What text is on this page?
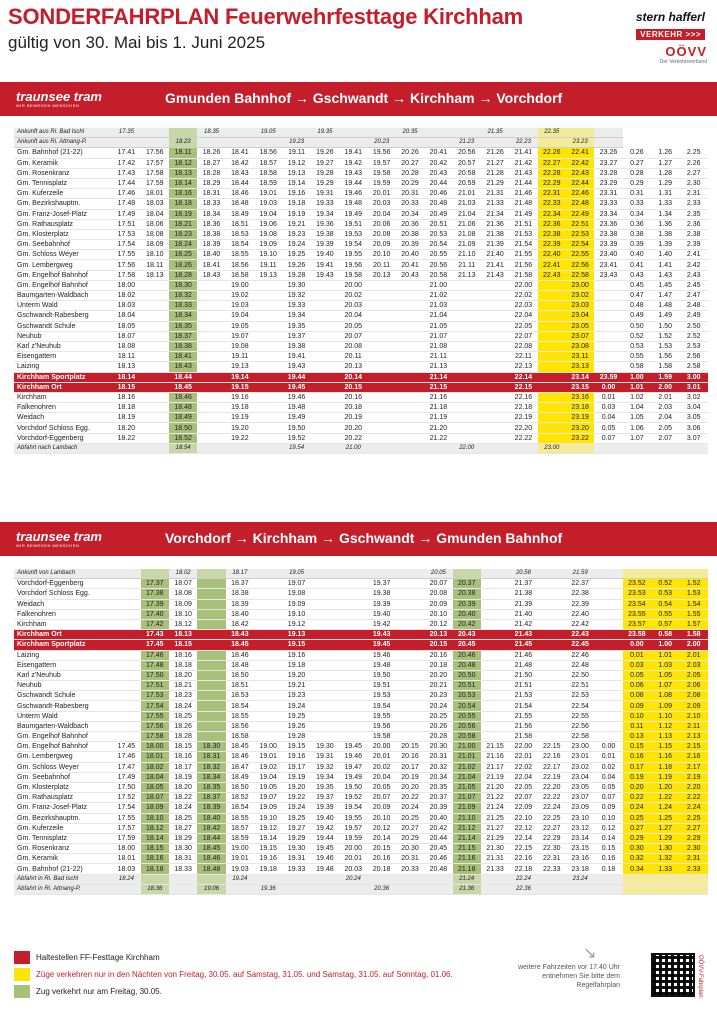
SONDERFAHRPLAN Feuerwehrfesttage Kirchham
gültig von 30. Mai bis 1. Juni 2025
stern hafferl
VERKEHR >>>
OÖVV
Der Verkehrsverbund
traunsee tram
WIR BEWEGEN MENSCHEN	Gmunden Bahnhof → Gschwandt → Kirchham → Vorchdorf
Ankunft aus Ri. Bad Ischl	17.35			18.35		19.05		19.35			20.35			21.35		22.35					
Ankunft aus Ri. Attnang-P.			18.23				19.23			20.23			21.23		22.23		23.23				
Gm. Bahnhof (21-22)	17.41	17.56	18.11	18.26	18.41	18.56	19.11	19.26	19.41	19.56	20.26	20.41	20.56	21.26	21.41	22.26	22.41	23.26	0.26	1.26	2.25
Gm. Keramik	17.42	17.57	18.12	18.27	18.42	18.57	19.12	19.27	19.42	19.57	20.27	20.42	20.57	21.27	21.42	22.27	22.42	23.27	0.27	1.27	2.26
Gm. Rosenkranz	17.43	17.58	18.13	18.28	18.43	18.58	19.13	19.28	19.43	19.58	20.28	20.43	20.58	21.28	21.43	22.28	22.43	23.28	0.28	1.28	2.27
Gm. Tennisplatz	17.44	17.59	18.14	18.29	18.44	18.59	19.14	19.29	19.44	19.59	20.29	20.44	20.59	21.29	21.44	22.29	22.44	23.29	0.29	1.29	2.30
Gm. Kuferzeile	17.46	18.01	18.16	18.31	18.46	19.01	19.16	19.31	19.46	20.01	20.31	20.46	21.01	21.31	21.46	22.31	22.46	23.31	0.31	1.31	2.31
Gm. Bezirkshauptm.	17.48	18.03	18.18	18.33	18.48	19.03	19.18	19.33	19.48	20.03	20.33	20.48	21.03	21.33	21.48	22.33	22.48	23.33	0.33	1.33	2.33
Gm. Franz-Josef-Platz	17.49	18.04	18.19	18.34	18.49	19.04	19.19	19.34	19.49	20.04	20.34	20.49	21.04	21.34	21.49	22.34	22.49	23.34	0.34	1.34	2.35
Gm. Rathausplatz	17.51	18.06	18.21	18.36	18.51	19.06	19.21	19.36	19.51	20.06	20.36	20.51	21.06	21.36	21.51	22.36	22.51	23.36	0.36	1.36	2.36
Gm. Klosterplatz	17.53	18.08	18.23	18.38	18.53	19.08	19.23	19.38	19.53	20.08	20.38	20.53	21.08	21.38	21.53	22.38	22.53	23.38	0.38	1.38	2.38
Gm. Seebahnhof	17.54	18.09	18.24	18.39	18.54	19.09	19.24	19.39	19.54	20.09	20.39	20.54	21.09	21.39	21.54	22.39	22.54	23.39	0.39	1.39	2.39
Gm. Schloss Weyer	17.55	18.10	18.25	18.40	18.55	19.10	19.25	19.40	19.55	20.10	20.40	20.55	21.10	21.40	21.55	22.40	22.55	23.40	0.40	1.40	2.41
Gm. Lembergweg	17.56	18.11	18.26	18.41	18.56	19.11	19.26	19.41	19.56	20.11	20.41	20.56	21.11	21.41	21.56	22.41	22.56	23.41	0.41	1.41	2.42
Gm. Engelhof Bahnhof	17.58	18.13	18.28	18.43	18.58	19.13	19.28	19.43	19.58	20.13	20.43	20.58	21.13	21.43	21.58	22.43	22.58	23.43	0.43	1.43	2.43
Gm. Engelhof Bahnhof	18.00		18.30		19.00		19.30		20.00			21.00			22.00		23.00		0.45	1.45	2.45
Baumgarten-Waldbach	18.02		18.32		19.02		19.32		20.02			21.02			22.02		23.02		0.47	1.47	2.47
Unterm Wald	18.03		18.33		19.03		19.33		20.03			21.03			22.03		23.03		0.48	1.48	2.48
Gschwandt-Rabesberg	18.04		18.34		19.04		19.34		20.04			21.04			22.04		23.04		0.49	1.49	2.49
Gschwandt Schule	18.05		18.35		19.05		19.35		20.05			21.05			22.05		23.05		0.50	1.50	2.50
Neuhub	18.07		18.37		19.07		19.37		20.07			21.07			22.07		23.07		0.52	1.52	2.52
Karl z'Neuhub	18.08		18.38		19.08		19.38		20.08			21.08			22.08		23.08		0.53	1.53	2.53
Eisengattern	18.11		18.41		19.11		19.41		20.11			21.11			22.11		23.11		0.55	1.56	2.56
Laizing	18.13		18.43		19.13		19.43		20.13			21.13			22.13		23.13		0.58	1.58	2.58
Kirchham Sportplatz	18.14		18.44		19.14		19.44		20.14			21.14			22.14		23.14	23.59	1.00	1.59	3.00
Kirchham Ort	18.15		18.45		19.15		19.45		20.15			21.15			22.15		23.15	0.00	1.01	2.00	3.01
Kirchham	18.16		18.46		19.16		19.46		20.16			21.16			22.16		23.16	0.01	1.02	2.01	3.02
Falkenohren	18.18		18.48		19.18		19.48		20.18			21.18			22.18		23.18	0.03	1.04	2.03	3.04
Weidach	18.19		18.49		19.19		19.49		20.19			21.19			22.19		23.19	0.04	1.05	2.04	3.05
Vorchdorf Schloss Egg.	18.20		18.50		19.20		19.50		20.20			21.20			22.20		23.20	0.05	1.06	2.05	3.06
Vorchdorf-Eggenberg	18.22		18.52		19.22		19.52		20.22			21.22			22.22		23.22	0.07	1.07	2.07	3.07
Abfahrt nach Lambach			18.54				19.54		21.00				22.00			23.00					
traunsee tram
WIR BEWEGEN MENSCHEN	Vorchdorf → Kirchham → Gschwandt → Gmunden Bahnhof
Ankunft von Lambach			18.02		18.17		19.05					20.05			20.58		21.59				
Vorchdorf-Eggenberg		17.37	18.07		18.37		19.07			19.37		20.07	20.37		21.37		22.37		23.52	0.52	1.52
Vorchdorf Schloss Egg.		17.38	18.08		18.38		19.08			19.38		20.08	20.38		21.38		22.38		23.53	0.53	1.53
Weidach		17.39	18.09		18.39		19.09			19.39		20.09	20.39		21.39		22.39		23.54	0.54	1.54
Falkenohren		17.40	18.10		18.40		19.10			19.40		20.10	20.40		21.40		22.40		23.55	0.55	1.55
Kirchham		17.42	18.12		18.42		19.12			19.42		20.12	20.42		21.42		22.42		23.57	0.57	1.57
Kirchham Ort		17.43	18.13		18.43		19.13			19.43		20.13	20.43		21.43		22.43		23.58	0.58	1.58
Kirchham Sportplatz		17.45	18.15		18.45		19.15			19.45		20.15	20.45		21.45		22.45		0.00	1.00	2.00
Laizing		17.46	18.16		18.46		19.16			19.46		20.16	20.46		21.46		22.46		0.01	1.01	2.01
Eisengattern		17.48	18.18		18.48		19.18			19.48		20.18	20.48		21.48		22.48		0.03	1.03	2.03
Karl z'Neuhub		17.50	18.20		18.50		19.20			19.50		20.20	20.50		21.50		22.50		0.05	1.05	2.05
Neuhub		17.51	18.21		18.51		19.21			19.51		20.21	20.51		21.51		22.51		0.06	1.07	2.06
Gschwandt Schule		17.53	18.23		18.53		19.23			19.53		20.23	20.53		21.53		22.53		0.08	1.08	2.08
Gschwandt-Rabesberg		17.54	18.24		18.54		19.24			19.54		20.24	20.54		21.54		22.54		0.09	1.09	2.09
Unterm Wald		17.55	18.25		18.55		19.25			19.55		20.25	20.55		21.55		22.55		0.10	1.10	2.10
Baumgarten-Waldbach		17.56	18.26		18.56		19.26			19.56		20.26	20.56		21.56		22.56		0.11	1.12	2.11
Gm. Engelhof Bahnhof		17.58	18.28		18.58		19.28			19.58		20.28	20.58		21.58		22.58		0.13	1.13	2.13
Gm. Engelhof Bahnhof	17.45	18.00	18.15	18.30	18.45	19.00	19.15	19.30	19.45	20.00	20.15	20.30	21.00	21.15	22.00	22.15	23.00	0.00	0.15	1.15	2.15
Gm. Lembergweg	17.46	18.01	18.16	18.31	18.46	19.01	19.16	19.31	19.46	20.01	20.16	20.31	21.01	21.16	22.01	22.16	23.01	0.01	0.16	1.16	2.16
Gm. Schloss Weyer	17.47	18.02	18.17	18.32	18.47	19.02	19.17	19.32	19.47	20.02	20.17	20.32	21.02	21.17	22.02	22.17	23.02	0.02	0.17	1.18	2.17
Gm. Seebahnhof	17.49	18.04	18.19	18.34	18.49	19.04	19.19	19.34	19.49	20.04	20.19	20.34	21.04	21.19	22.04	22.19	23.04	0.04	0.19	1.19	2.19
Gm. Klosterplatz	17.50	18.05	18.20	18.35	18.50	19.05	19.20	19.35	19.50	20.05	20.20	20.35	21.05	21.20	22.05	22.20	23.05	0.05	0.20	1.20	2.20
Gm. Rathausplatz	17.52	18.07	18.22	18.37	18.52	19.07	19.22	19.37	19.52	20.07	20.22	20.37	21.07	21.22	22.07	22.22	23.07	0.07	0.22	1.22	2.22
Gm. Franz-Josef-Platz	17.54	18.09	18.24	18.39	18.54	19.09	19.24	19.39	19.54	20.09	20.24	20.39	21.09	21.24	22.09	22.24	23.09	0.09	0.24	1.24	2.24
Gm. Bezirkshauptm.	17.55	18.10	18.25	18.40	18.55	19.10	19.25	19.40	19.55	20.10	20.25	20.40	21.10	21.25	22.10	22.25	23.10	0.10	0.25	1.25	2.25
Gm. Kuferzeile	17.57	18.12	18.27	18.42	18.57	19.12	19.27	19.42	19.57	20.12	20.27	20.42	21.12	21.27	22.12	22.27	23.12	0.12	0.27	1.27	2.27
Gm. Tennisplatz	17.59	18.14	18.29	18.44	18.59	19.14	19.29	19.44	19.59	20.14	20.29	20.44	21.14	21.29	22.14	22.29	23.14	0.14	0.29	1.29	2.29
Gm. Rosenkranz	18.00	18.15	18.30	18.45	19.00	19.15	19.30	19.45	20.00	20.15	20.30	20.45	21.15	21.30	22.15	22.30	23.15	0.15	0.30	1.30	2.30
Gm. Keramik	18.01	18.16	18.31	18.46	19.01	19.16	19.31	19.46	20.01	20.16	20.31	20.46	21.16	21.31	22.16	22.31	23.16	0.16	0.32	1.32	2.31
Gm. Bahnhof (21-22)	18.03	18.18	18.33	18.48	19.03	19.18	19.33	19.48	20.03	20.18	20.33	20.48	21.18	21.33	22.18	22.33	23.18	0.18	0.34	1.33	2.33
Abfahrt in Ri. Bad Ischl	18.24				19.24				20.24				21.24		22.24		23.24				
Abfahrt in Ri. Attnang-P.		18.36		19.06		19.36				20.36			21.36		22.36						
Haltestellen FF-Festtage Kirchham
Züge verkehren nur in den Nächten von Freitag, 30.05. auf Samstag, 31.05. und Samstag, 31.05. auf Sonntag, 01.06.
Zug verkehrt nur am Freitag, 30.05.
↘
weitere Fahrzeiten vor 17.40 Uhr entnehmen Sie bitte dem Regelfahrplan	OÖVV-Fahrplan
